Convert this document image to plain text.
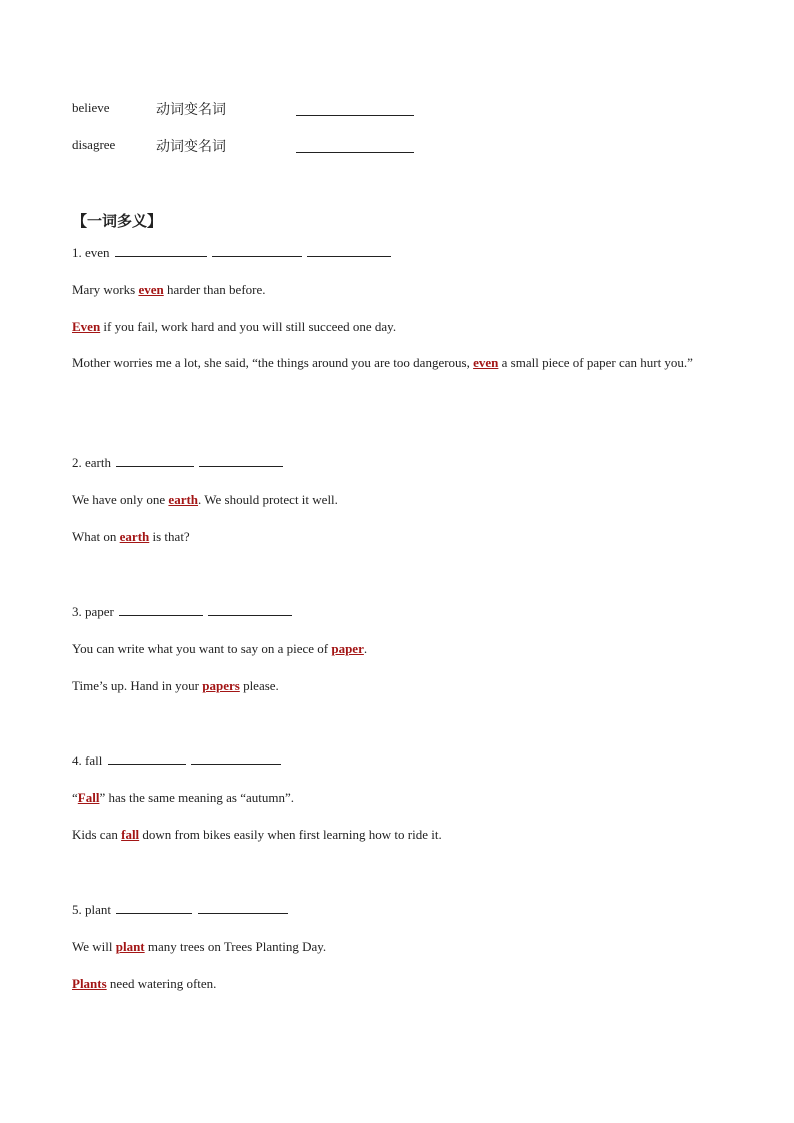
believe	动词变名词
disagree	动词变名词
【一词多义】
1. even
Mary works even harder than before.
Even if you fail, work hard and you will still succeed one day.
Mother worries me a lot, she said, “the things around you are too dangerous, even a small piece of paper can hurt you.”
2. earth
We have only one earth. We should protect it well.
What on earth is that?
3. paper
You can write what you want to say on a piece of paper.
Time’s up. Hand in your papers please.
4. fall
“Fall” has the same meaning as “autumn”.
Kids can fall down from bikes easily when first learning how to ride it.
5. plant
We will plant many trees on Trees Planting Day.
Plants need watering often.
